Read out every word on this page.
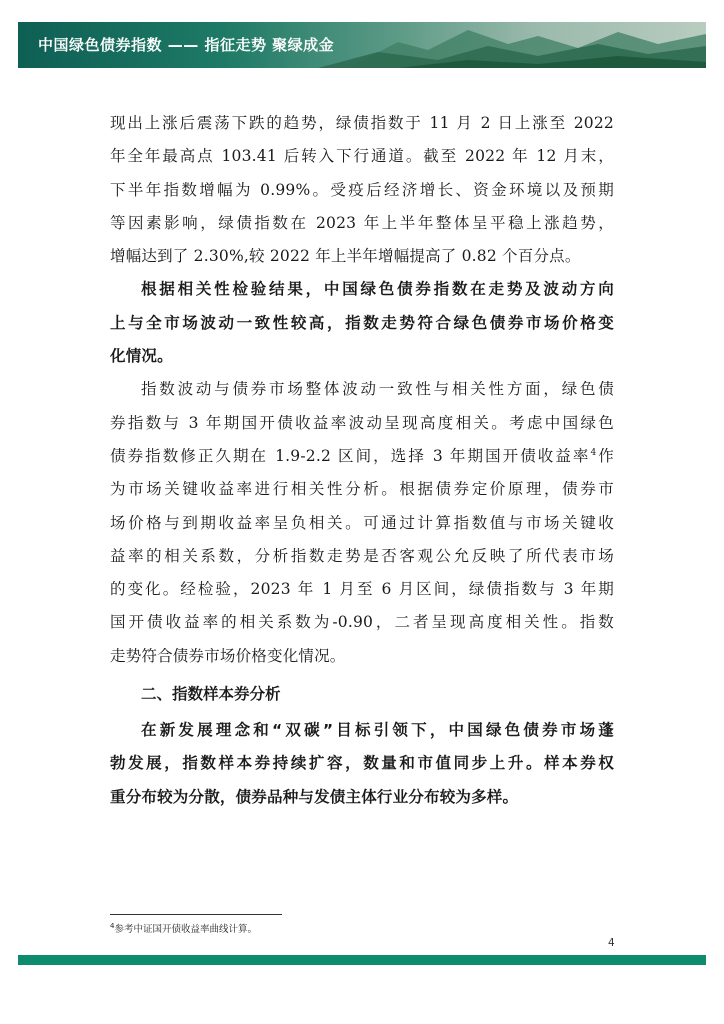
中国绿色债券指数 —— 指征走势 聚绿成金

现出上涨后震荡下跌的趋势，绿债指数于 11 月 2 日上涨至 2022

年全年最高点 103.41 后转入下行通道。截至 2022 年 12 月末，

下半年指数增幅为 0.99%。受疫后经济增长、资金环境以及预期

等因素影响，绿债指数在 2023 年上半年整体呈平稳上涨趋势，

增幅达到了 2.30%,较 2022 年上半年增幅提高了 0.82 个百分点。

根据相关性检验结果，中国绿色债券指数在走势及波动方向

上与全市场波动一致性较高，指数走势符合绿色债券市场价格变

化情况。

指数波动与债券市场整体波动一致性与相关性方面，绿色债

券指数与 3 年期国开债收益率波动呈现高度相关。考虑中国绿色

债券指数修正久期在 1.9-2.2 区间，选择 3 年期国开债收益率$^4$作

为市场关键收益率进行相关性分析。根据债券定价原理，债券市

场价格与到期收益率呈负相关。可通过计算指数值与市场关键收

益率的相关系数，分析指数走势是否客观公允反映了所代表市场

的变化。经检验，2023 年 1 月至 6 月区间，绿债指数与 3 年期

国开债收益率的相关系数为-0.90，二者呈现高度相关性。指数

走势符合债券市场价格变化情况。

二、指数样本券分析

在新发展理念和“双碳”目标引领下，中国绿色债券市场蓬

勃发展，指数样本券持续扩容，数量和市值同步上升。样本券权

重分布较为分散，债券品种与发债主体行业分布较为多样。

$^4$参考中证国开债收益率曲线计算。
4
